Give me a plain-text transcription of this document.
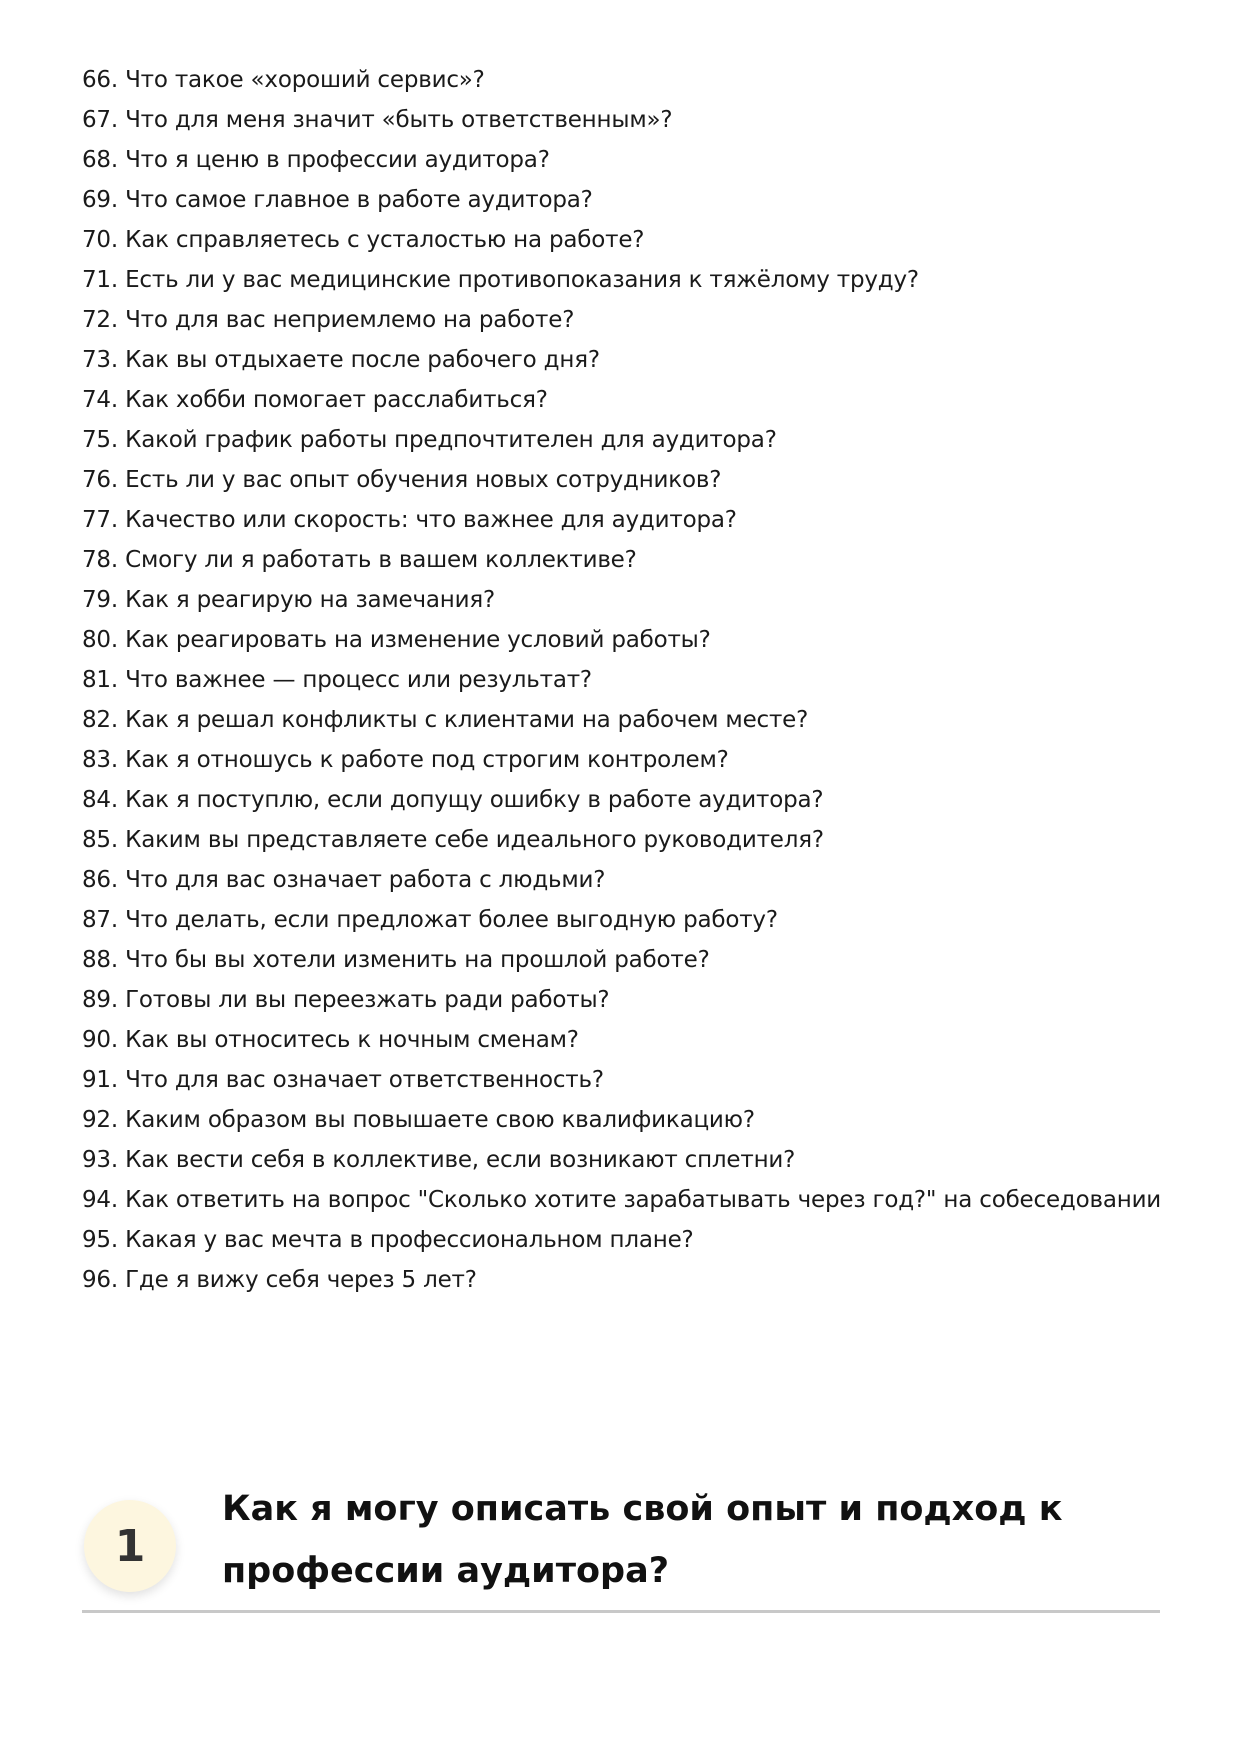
66. Что такое «хороший сервис»?
67. Что для меня значит «быть ответственным»?
68. Что я ценю в профессии аудитора?
69. Что самое главное в работе аудитора?
70. Как справляетесь с усталостью на работе?
71. Есть ли у вас медицинские противопоказания к тяжёлому труду?
72. Что для вас неприемлемо на работе?
73. Как вы отдыхаете после рабочего дня?
74. Как хобби помогает расслабиться?
75. Какой график работы предпочтителен для аудитора?
76. Есть ли у вас опыт обучения новых сотрудников?
77. Качество или скорость: что важнее для аудитора?
78. Смогу ли я работать в вашем коллективе?
79. Как я реагирую на замечания?
80. Как реагировать на изменение условий работы?
81. Что важнее — процесс или результат?
82. Как я решал конфликты с клиентами на рабочем месте?
83. Как я отношусь к работе под строгим контролем?
84. Как я поступлю, если допущу ошибку в работе аудитора?
85. Каким вы представляете себе идеального руководителя?
86. Что для вас означает работа с людьми?
87. Что делать, если предложат более выгодную работу?
88. Что бы вы хотели изменить на прошлой работе?
89. Готовы ли вы переезжать ради работы?
90. Как вы относитесь к ночным сменам?
91. Что для вас означает ответственность?
92. Каким образом вы повышаете свою квалификацию?
93. Как вести себя в коллективе, если возникают сплетни?
94. Как ответить на вопрос "Сколько хотите зарабатывать через год?" на собеседовании
95. Какая у вас мечта в профессиональном плане?
96. Где я вижу себя через 5 лет?
1
Как я могу описать свой опыт и подход к профессии аудитора?
